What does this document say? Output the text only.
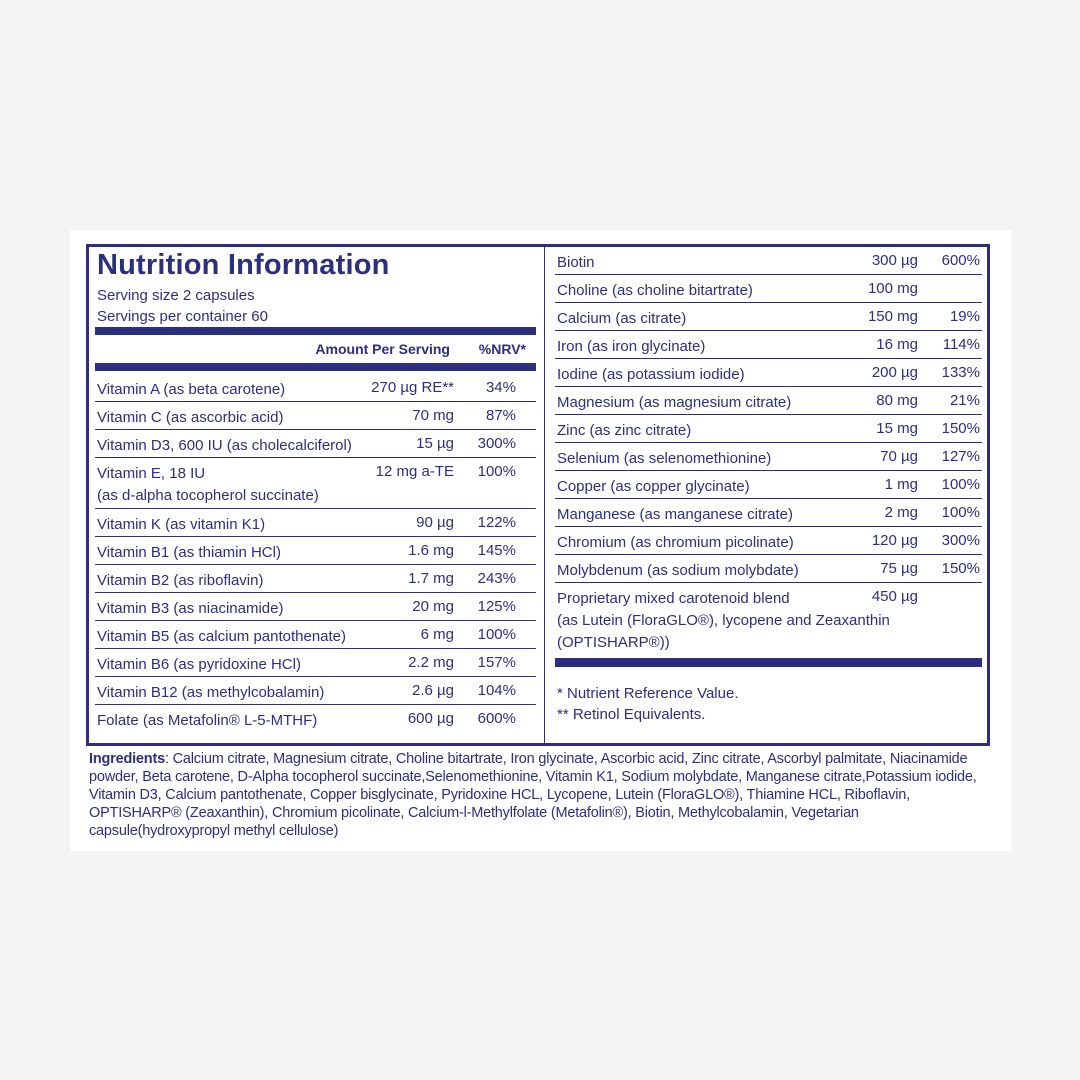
Nutrition Information
Serving size 2 capsules
Servings per container 60
Amount Per Serving %NRV*
Vitamin A (as beta carotene)	270 µg RE** 34%
Vitamin C (as ascorbic acid)	70 mg 87%
Vitamin D3, 600 IU (as cholecalciferol)	15 µg 300%
Vitamin E, 18 IU
(as d-alpha tocopherol succinate)
12 mg a-TE 100%
Vitamin K (as vitamin K1)	90 µg 122%
Vitamin B1 (as thiamin HCl)	1.6 mg 145%
Vitamin B2 (as riboflavin)	1.7 mg 243%
Vitamin B3 (as niacinamide)	20 mg 125%
Vitamin B5 (as calcium pantothenate)	6 mg 100%
Vitamin B6 (as pyridoxine HCl)	2.2 mg 157%
Vitamin B12 (as methylcobalamin)	2.6 µg 104%
Folate (as Metafolin® L-5-MTHF)	600 µg 600%
Biotin	300 µg 600%
Choline (as choline bitartrate)	100 mg
Calcium (as citrate)	150 mg 19%
Iron (as iron glycinate)	16 mg 114%
Iodine (as potassium iodide)	200 µg 133%
Magnesium (as magnesium citrate)	80 mg 21%
Zinc (as zinc citrate)	15 mg 150%
Selenium (as selenomethionine)	70 µg 127%
Copper (as copper glycinate)	1 mg 100%
Manganese (as manganese citrate)	2 mg 100%
Chromium (as chromium picolinate)	120 µg 300%
Molybdenum (as sodium molybdate)	75 µg 150%
Proprietary mixed carotenoid blend
(as Lutein (FloraGLO®), lycopene and Zeaxanthin
(OPTISHARP®))
450 µg
* Nutrient Reference Value.
** Retinol Equivalents.
Ingredients: Calcium citrate, Magnesium citrate, Choline bitartrate, Iron glycinate, Ascorbic acid, Zinc citrate, Ascorbyl palmitate, Niacinamide powder, Beta carotene, D-Alpha tocopherol succinate,Selenomethionine, Vitamin K1, Sodium molybdate, Manganese citrate,Potassium iodide, Vitamin D3, Calcium pantothenate, Copper bisglycinate, Pyridoxine HCL, Lycopene, Lutein (FloraGLO®), Thiamine HCL, Riboflavin, OPTISHARP® (Zeaxanthin), Chromium picolinate, Calcium-l-Methylfolate (Metafolin®), Biotin, Methylcobalamin, Vegetarian capsule(hydroxypropyl methyl cellulose)
